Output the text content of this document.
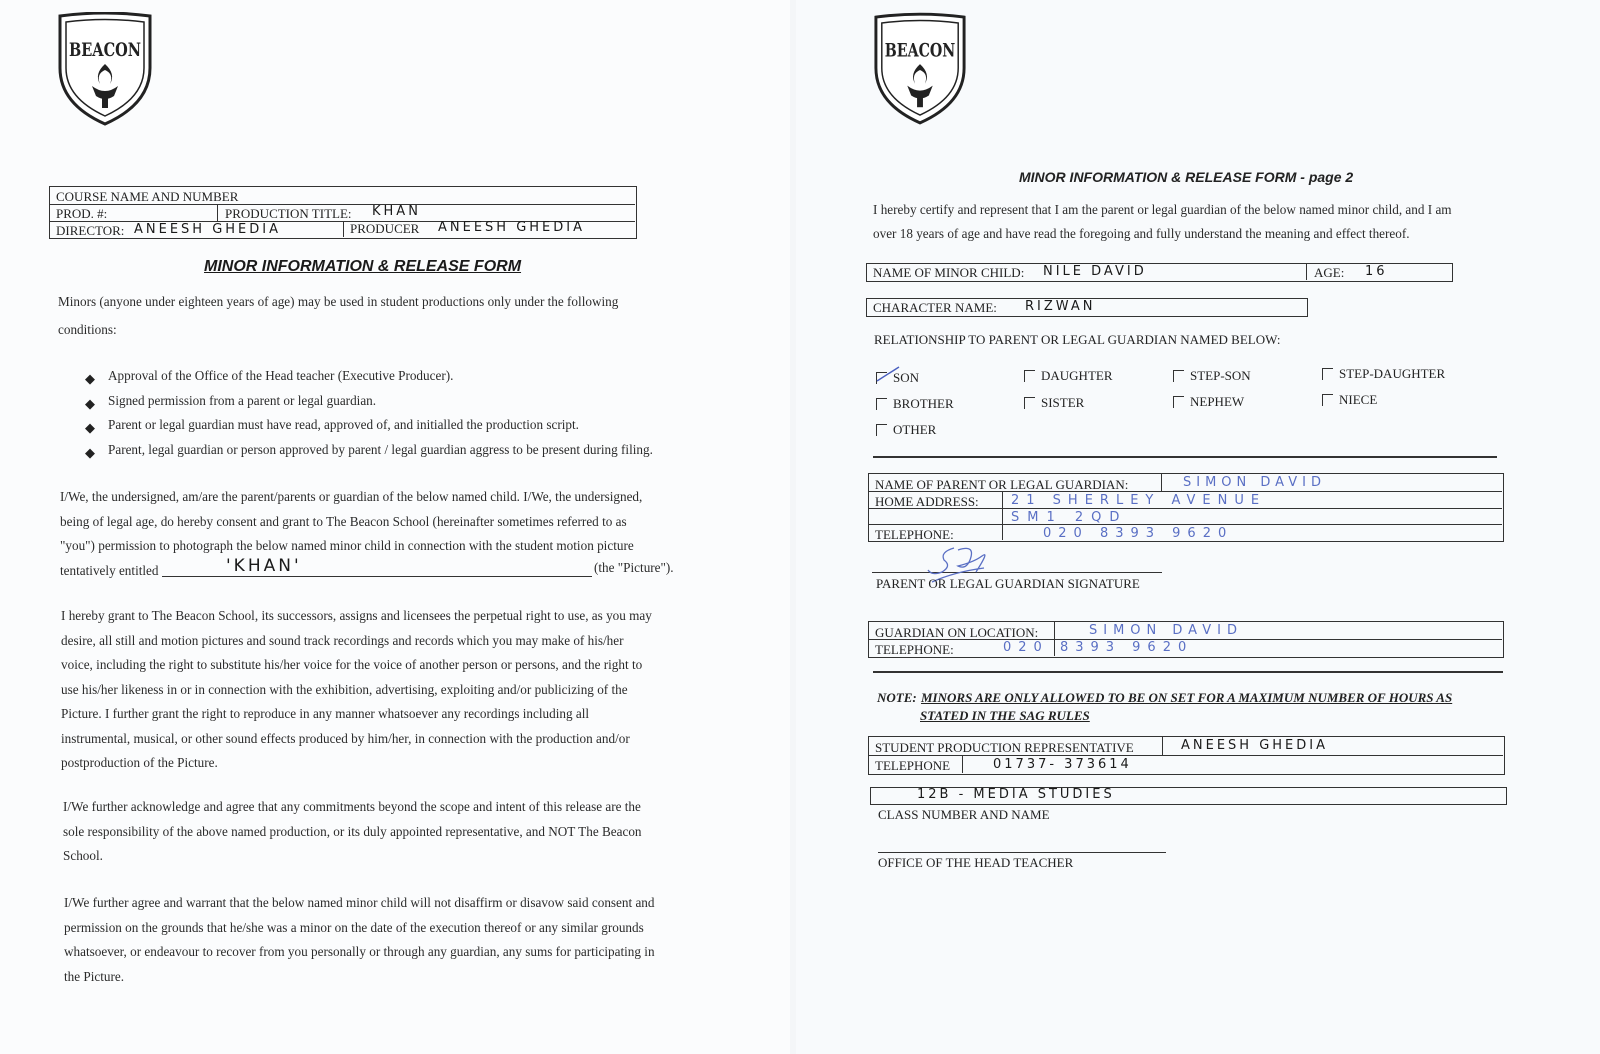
BEACON
COURSE NAME AND NUMBER
PROD. #:	PRODUCTION TITLE: KHAN
DIRECTOR: ANEESH GHEDIA	PRODUCER ANEESH GHEDIA
MINOR INFORMATION & RELEASE FORM
Minors (anyone under eighteen years of age) may be used in student productions only under the following
conditions:
◆ Approval of the Office of the Head teacher (Executive Producer).
◆ Signed permission from a parent or legal guardian.
◆ Parent or legal guardian must have read, approved of, and initialled the production script.
◆ Parent, legal guardian or person approved by parent / legal guardian aggress to be present during filing.
I/We, the undersigned, am/are the parent/parents or guardian of the below named child. I/We, the undersigned,
being of legal age, do hereby consent and grant to The Beacon School (hereinafter sometimes referred to as
"you") permission to photograph the below named minor child in connection with the student motion picture
tentatively entitled	'KHAN'	(the "Picture").
I hereby grant to The Beacon School, its successors, assigns and licensees the perpetual right to use, as you may
desire, all still and motion pictures and sound track recordings and records which you may make of his/her
voice, including the right to substitute his/her voice for the voice of another person or persons, and the right to
use his/her likeness in or in connection with the exhibition, advertising, exploiting and/or publicizing of the
Picture. I further grant the right to reproduce in any manner whatsoever any recordings including all
instrumental, musical, or other sound effects produced by him/her, in connection with the production and/or
postproduction of the Picture.
I/We further acknowledge and agree that any commitments beyond the scope and intent of this release are the
sole responsibility of the above named production, or its duly appointed representative, and NOT The Beacon
School.
I/We further agree and warrant that the below named minor child will not disaffirm or disavow said consent and
permission on the grounds that he/she was a minor on the date of the execution thereof or any similar grounds
whatsoever, or endeavour to recover from you personally or through any guardian, any sums for participating in
the Picture.
BEACON
MINOR INFORMATION & RELEASE FORM - page 2
I hereby certify and represent that I am the parent or legal guardian of the below named minor child, and I am
over 18 years of age and have read the foregoing and fully understand the meaning and effect thereof.
NAME OF MINOR CHILD: NILE DAVID	AGE: 16
CHARACTER NAME: RIZWAN
RELATIONSHIP TO PARENT OR LEGAL GUARDIAN NAMED BELOW:
SON	DAUGHTER	STEP-SON	STEP-DAUGHTER
BROTHER	SISTER	NEPHEW	NIECE
OTHER
NAME OF PARENT OR LEGAL GUARDIAN:	SIMON DAVID
HOME ADDRESS: 21 SHERLEY AVENUE
SM1 2QD
TELEPHONE:	020 8393 9620
PARENT OR LEGAL GUARDIAN SIGNATURE
GUARDIAN ON LOCATION:	SIMON DAVID
TELEPHONE:	020 8393 9620
NOTE: MINORS ARE ONLY ALLOWED TO BE ON SET FOR A MAXIMUM NUMBER OF HOURS AS
STATED IN THE SAG RULES
STUDENT PRODUCTION REPRESENTATIVE	ANEESH GHEDIA
TELEPHONE	01737- 373614
12B - MEDIA STUDIES
CLASS NUMBER AND NAME
OFFICE OF THE HEAD TEACHER
